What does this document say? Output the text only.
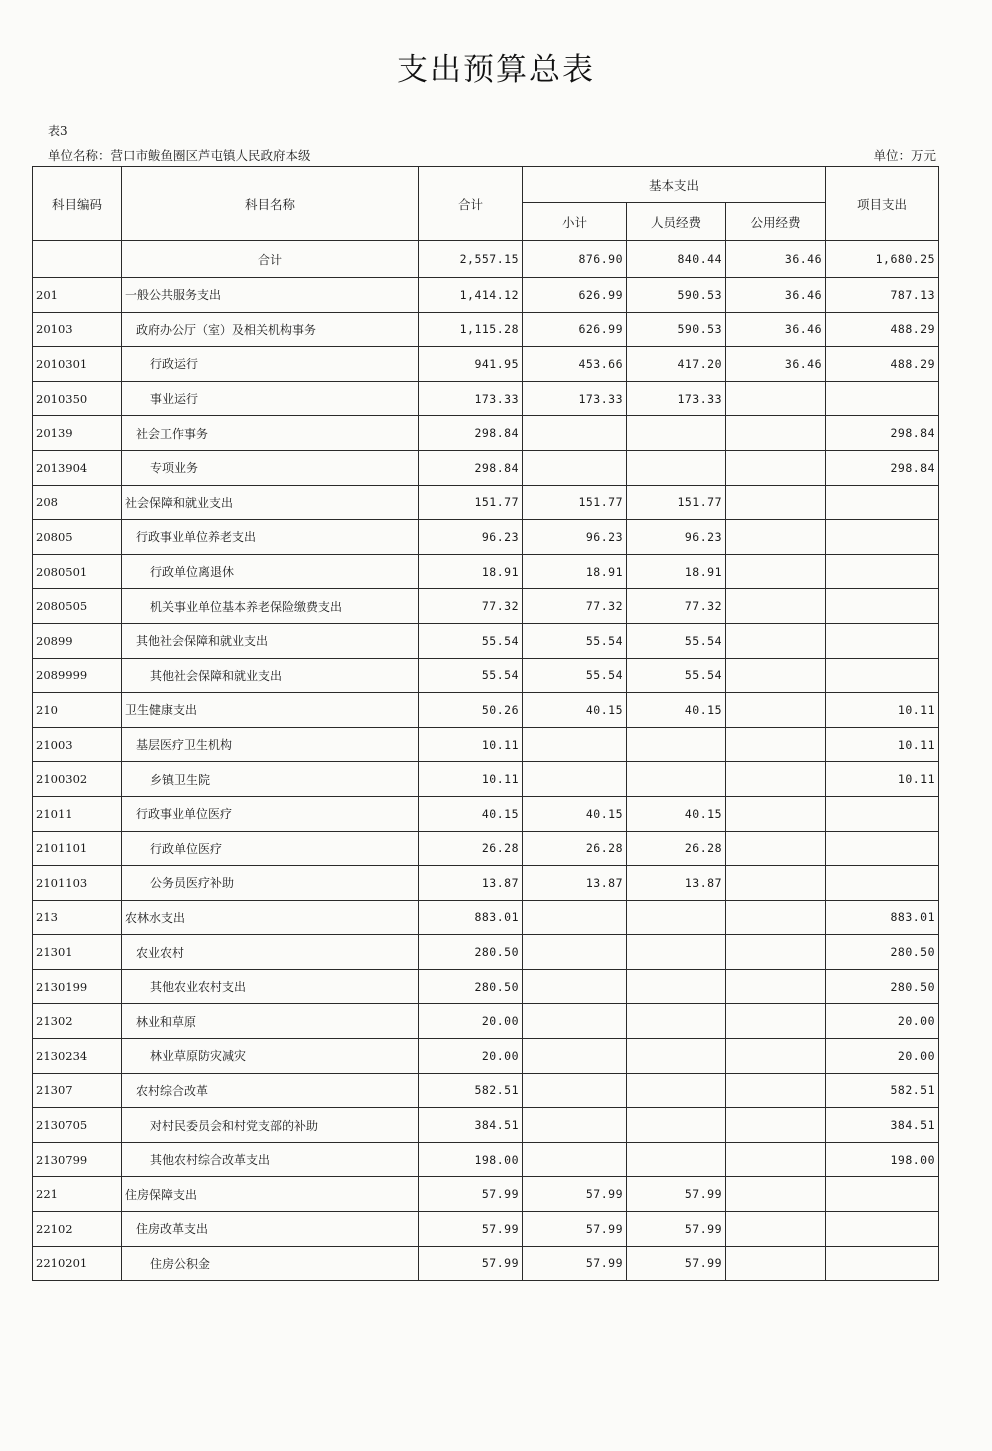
支出预算总表
表3
单位名称：营口市鲅鱼圈区芦屯镇人民政府本级	单位：万元
科目编码	科目名称	合计	基本支出			项目支出
			小计	人员经费	公用经费	
	合计	2,557.15	876.90	840.44	36.46	1,680.25
201	一般公共服务支出	1,414.12	626.99	590.53	36.46	787.13
20103	政府办公厅（室）及相关机构事务	1,115.28	626.99	590.53	36.46	488.29
2010301	行政运行	941.95	453.66	417.20	36.46	488.29
2010350	事业运行	173.33	173.33	173.33		
20139	社会工作事务	298.84				298.84
2013904	专项业务	298.84				298.84
208	社会保障和就业支出	151.77	151.77	151.77		
20805	行政事业单位养老支出	96.23	96.23	96.23		
2080501	行政单位离退休	18.91	18.91	18.91		
2080505	机关事业单位基本养老保险缴费支出	77.32	77.32	77.32		
20899	其他社会保障和就业支出	55.54	55.54	55.54		
2089999	其他社会保障和就业支出	55.54	55.54	55.54		
210	卫生健康支出	50.26	40.15	40.15		10.11
21003	基层医疗卫生机构	10.11				10.11
2100302	乡镇卫生院	10.11				10.11
21011	行政事业单位医疗	40.15	40.15	40.15		
2101101	行政单位医疗	26.28	26.28	26.28		
2101103	公务员医疗补助	13.87	13.87	13.87		
213	农林水支出	883.01				883.01
21301	农业农村	280.50				280.50
2130199	其他农业农村支出	280.50				280.50
21302	林业和草原	20.00				20.00
2130234	林业草原防灾减灾	20.00				20.00
21307	农村综合改革	582.51				582.51
2130705	对村民委员会和村党支部的补助	384.51				384.51
2130799	其他农村综合改革支出	198.00				198.00
221	住房保障支出	57.99	57.99	57.99		
22102	住房改革支出	57.99	57.99	57.99		
2210201	住房公积金	57.99	57.99	57.99		
